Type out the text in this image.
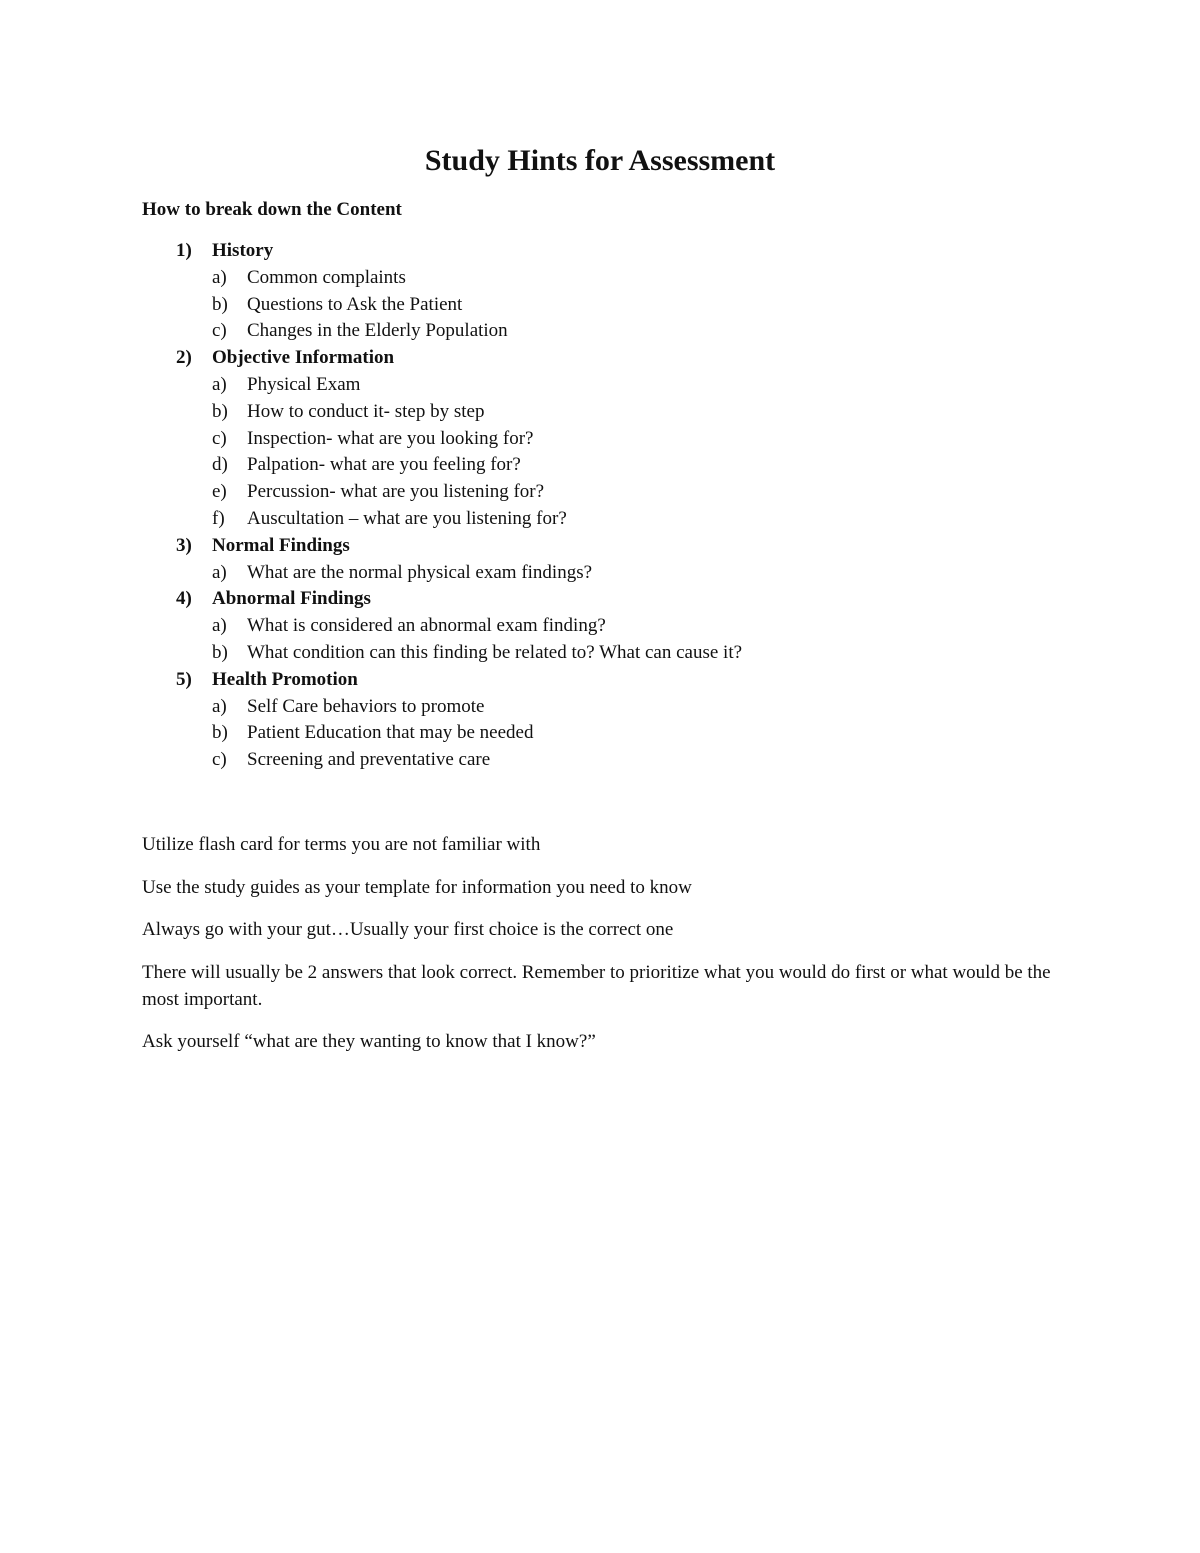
Study Hints for Assessment
How to break down the Content
1) History
a) Common complaints
b) Questions to Ask the Patient
c) Changes in the Elderly Population
2) Objective Information
a) Physical Exam
b) How to conduct it- step by step
c) Inspection- what are you looking for?
d) Palpation- what are you feeling for?
e) Percussion- what are you listening for?
f) Auscultation – what are you listening for?
3) Normal Findings
a) What are the normal physical exam findings?
4) Abnormal Findings
a) What is considered an abnormal exam finding?
b) What condition can this finding be related to? What can cause it?
5) Health Promotion
a) Self Care behaviors to promote
b) Patient Education that may be needed
c) Screening and preventative care

Utilize flash card for terms you are not familiar with

Use the study guides as your template for information you need to know

Always go with your gut…Usually your first choice is the correct one

There will usually be 2 answers that look correct. Remember to prioritize what you would do first or what would be the most important.

Ask yourself “what are they wanting to know that I know?”
